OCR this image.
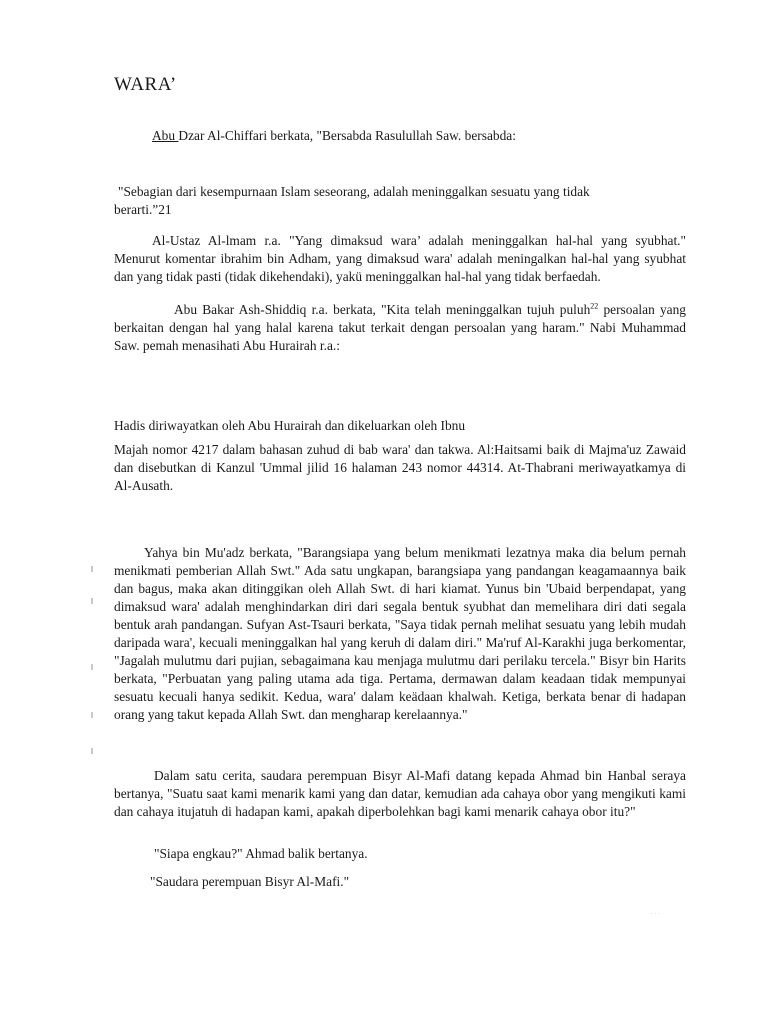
WARA’

Abu Dzar Al-Chiffari berkata, "Bersabda Rasulullah Saw. bersabda:

"Sebagian dari kesempurnaan Islam seseorang, adalah meninggalkan sesuatu yang tidak berarti.”21

Al-Ustaz Al-lmam r.a. "Yang dimaksud wara’ adalah meninggalkan hal-hal yang syubhat." Menurut komentar ibrahim bin Adham, yang dimaksud wara' adalah meningalkan hal-hal yang syubhat dan yang tidak pasti (tidak dikehendaki), yakü meninggalkan hal-hal yang tidak berfaedah.

Abu Bakar Ash-Shiddiq r.a. berkata, "Kita telah meninggalkan tujuh puluh$^{22}$ persoalan yang berkaitan dengan hal yang halal karena takut terkait dengan persoalan yang haram." Nabi Muhammad Saw. pemah menasihati Abu Hurairah r.a.:

Hadis diriwayatkan oleh Abu Hurairah dan dikeluarkan oleh Ibnu

Majah nomor 4217 dalam bahasan zuhud di bab wara' dan takwa. Al:Haitsami baik di Majma'uz Zawaid dan disebutkan di Kanzul 'Ummal jilid 16 halaman 243 nomor 44314. At-Thabrani meriwayatkamya di Al-Ausath.

Yahya bin Mu'adz berkata, "Barangsiapa yang belum menikmati lezatnya maka dia belum pernah menikmati pemberian Allah Swt." Ada satu ungkapan, barangsiapa yang pandangan keagamaannya baik dan bagus, maka akan ditinggikan oleh Allah Swt. di hari kiamat. Yunus bin 'Ubaid berpendapat, yang dimaksud wara' adalah menghindarkan diri dari segala bentuk syubhat dan memelihara diri dati segala bentuk arah pandangan. Sufyan Ast-Tsauri berkata, "Saya tidak pernah melihat sesuatu yang lebih mudah daripada wara', kecuali meninggalkan hal yang keruh di dalam diri." Ma'ruf Al-Karakhi juga berkomentar, "Jagalah mulutmu dari pujian, sebagaimana kau menjaga mulutmu dari perilaku tercela." Bisyr bin Harits berkata, "Perbuatan yang paling utama ada tiga. Pertama, dermawan dalam keadaan tidak mempunyai sesuatu kecuali hanya sedikit. Kedua, wara' dalam keädaan khalwah. Ketiga, berkata benar di hadapan orang yang takut kepada Allah Swt. dan mengharap kerelaannya."

Dalam satu cerita, saudara perempuan Bisyr Al-Mafi datang kepada Ahmad bin Hanbal seraya bertanya, "Suatu saat kami menarik kami yang dan datar, kemudian ada cahaya obor yang mengikuti kami dan cahaya itujatuh di hadapan kami, apakah diperbolehkan bagi kami menarik cahaya obor itu?"

"Siapa engkau?" Ahmad balik bertanya.

"Saudara perempuan Bisyr Al-Mafi."

· · ·
